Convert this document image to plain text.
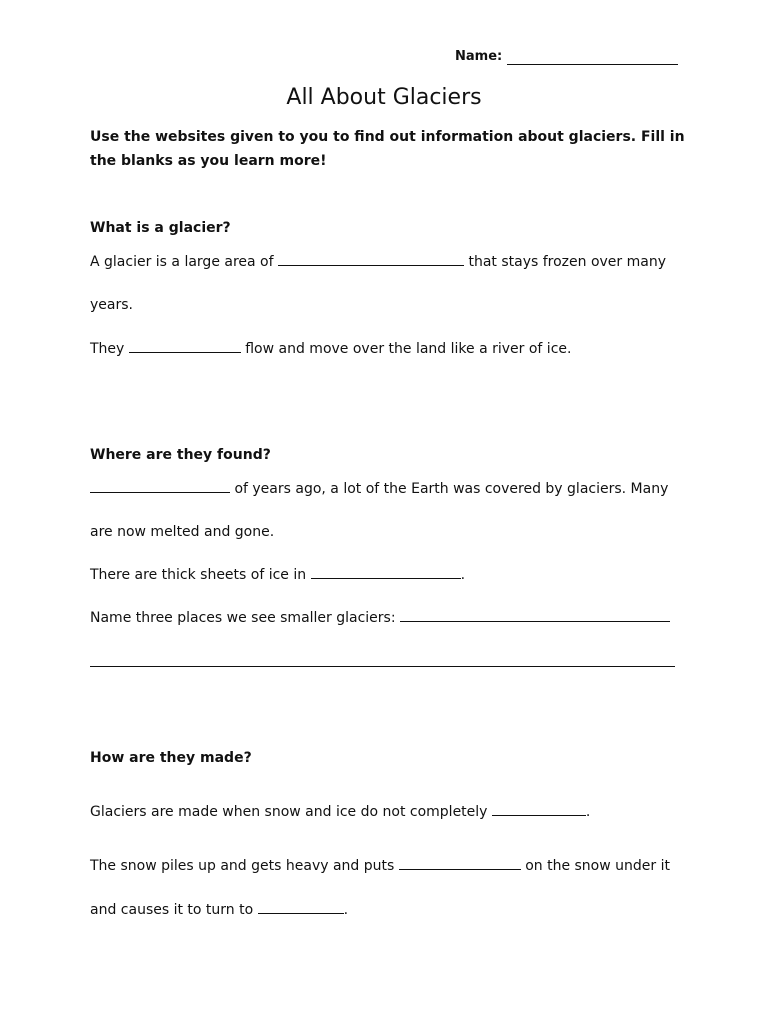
Name:
All About Glaciers
Use the websites given to you to find out information about glaciers. Fill in
the blanks as you learn more!
What is a glacier?
A glacier is a large area of	that stays frozen over many
years.
They	flow and move over the land like a river of ice.
Where are they found?
of years ago, a lot of the Earth was covered by glaciers. Many
are now melted and gone.
There are thick sheets of ice in	.
Name three places we see smaller glaciers:
How are they made?
Glaciers are made when snow and ice do not completely	.
The snow piles up and gets heavy and puts	on the snow under it
and causes it to turn to	.
